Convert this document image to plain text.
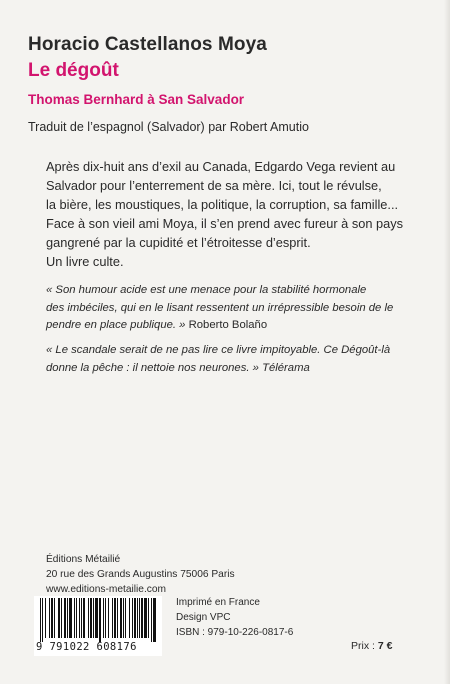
Horacio Castellanos Moya
Le dégoût
Thomas Bernhard à San Salvador
Traduit de l’espagnol (Salvador) par Robert Amutio

Après dix-huit ans d’exil au Canada, Edgardo Vega revient au

Salvador pour l’enterrement de sa mère. Ici, tout le révulse,

la bière, les moustiques, la politique, la corruption, sa famille...

Face à son vieil ami Moya, il s’en prend avec fureur à son pays

gangrené par la cupidité et l’étroitesse d’esprit.

Un livre culte.

« Son humour acide est une menace pour la stabilité hormonale

des imbéciles, qui en le lisant ressentent un irrépressible besoin de le

pendre en place publique. » Roberto Bolaño

« Le scandale serait de ne pas lire ce livre impitoyable. Ce Dégoût-là

donne la pêche : il nettoie nos neurones. » Télérama

Éditions Métailié
20 rue des Grands Augustins 75006 Paris
www.editions-metailie.com
9 791022 608176
Imprimé en France
Design VPC
ISBN : 979-10-226-0817-6
Prix : 7 €
